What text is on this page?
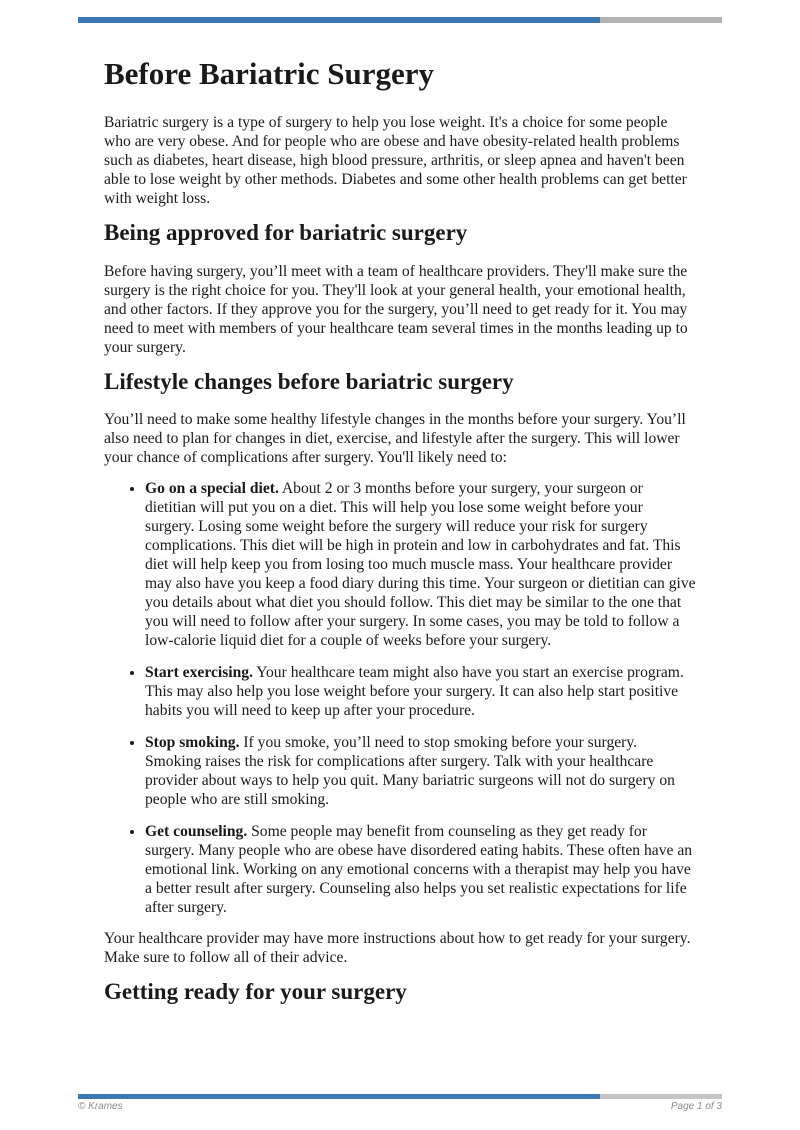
Before Bariatric Surgery

Bariatric surgery is a type of surgery to help you lose weight. It's a choice for some people who are very obese. And for people who are obese and have obesity-related health problems such as diabetes, heart disease, high blood pressure, arthritis, or sleep apnea and haven't been able to lose weight by other methods. Diabetes and some other health problems can get better with weight loss.

Being approved for bariatric surgery

Before having surgery, you’ll meet with a team of healthcare providers. They'll make sure the surgery is the right choice for you. They'll look at your general health, your emotional health, and other factors. If they approve you for the surgery, you’ll need to get ready for it. You may need to meet with members of your healthcare team several times in the months leading up to your surgery.

Lifestyle changes before bariatric surgery

You’ll need to make some healthy lifestyle changes in the months before your surgery. You’ll also need to plan for changes in diet, exercise, and lifestyle after the surgery. This will lower your chance of complications after surgery. You'll likely need to:

• Go on a special diet. About 2 or 3 months before your surgery, your surgeon or dietitian will put you on a diet. This will help you lose some weight before your surgery. Losing some weight before the surgery will reduce your risk for surgery complications. This diet will be high in protein and low in carbohydrates and fat. This diet will help keep you from losing too much muscle mass. Your healthcare provider may also have you keep a food diary during this time. Your surgeon or dietitian can give you details about what diet you should follow. This diet may be similar to the one that you will need to follow after your surgery. In some cases, you may be told to follow a low-calorie liquid diet for a couple of weeks before your surgery.
• Start exercising. Your healthcare team might also have you start an exercise program. This may also help you lose weight before your surgery. It can also help start positive habits you will need to keep up after your procedure.
• Stop smoking. If you smoke, you’ll need to stop smoking before your surgery. Smoking raises the risk for complications after surgery. Talk with your healthcare provider about ways to help you quit. Many bariatric surgeons will not do surgery on people who are still smoking.
• Get counseling. Some people may benefit from counseling as they get ready for surgery. Many people who are obese have disordered eating habits. These often have an emotional link. Working on any emotional concerns with a therapist may help you have a better result after surgery. Counseling also helps you set realistic expectations for life after surgery.

Your healthcare provider may have more instructions about how to get ready for your surgery. Make sure to follow all of their advice.

Getting ready for your surgery
© Krames	Page 1 of 3
